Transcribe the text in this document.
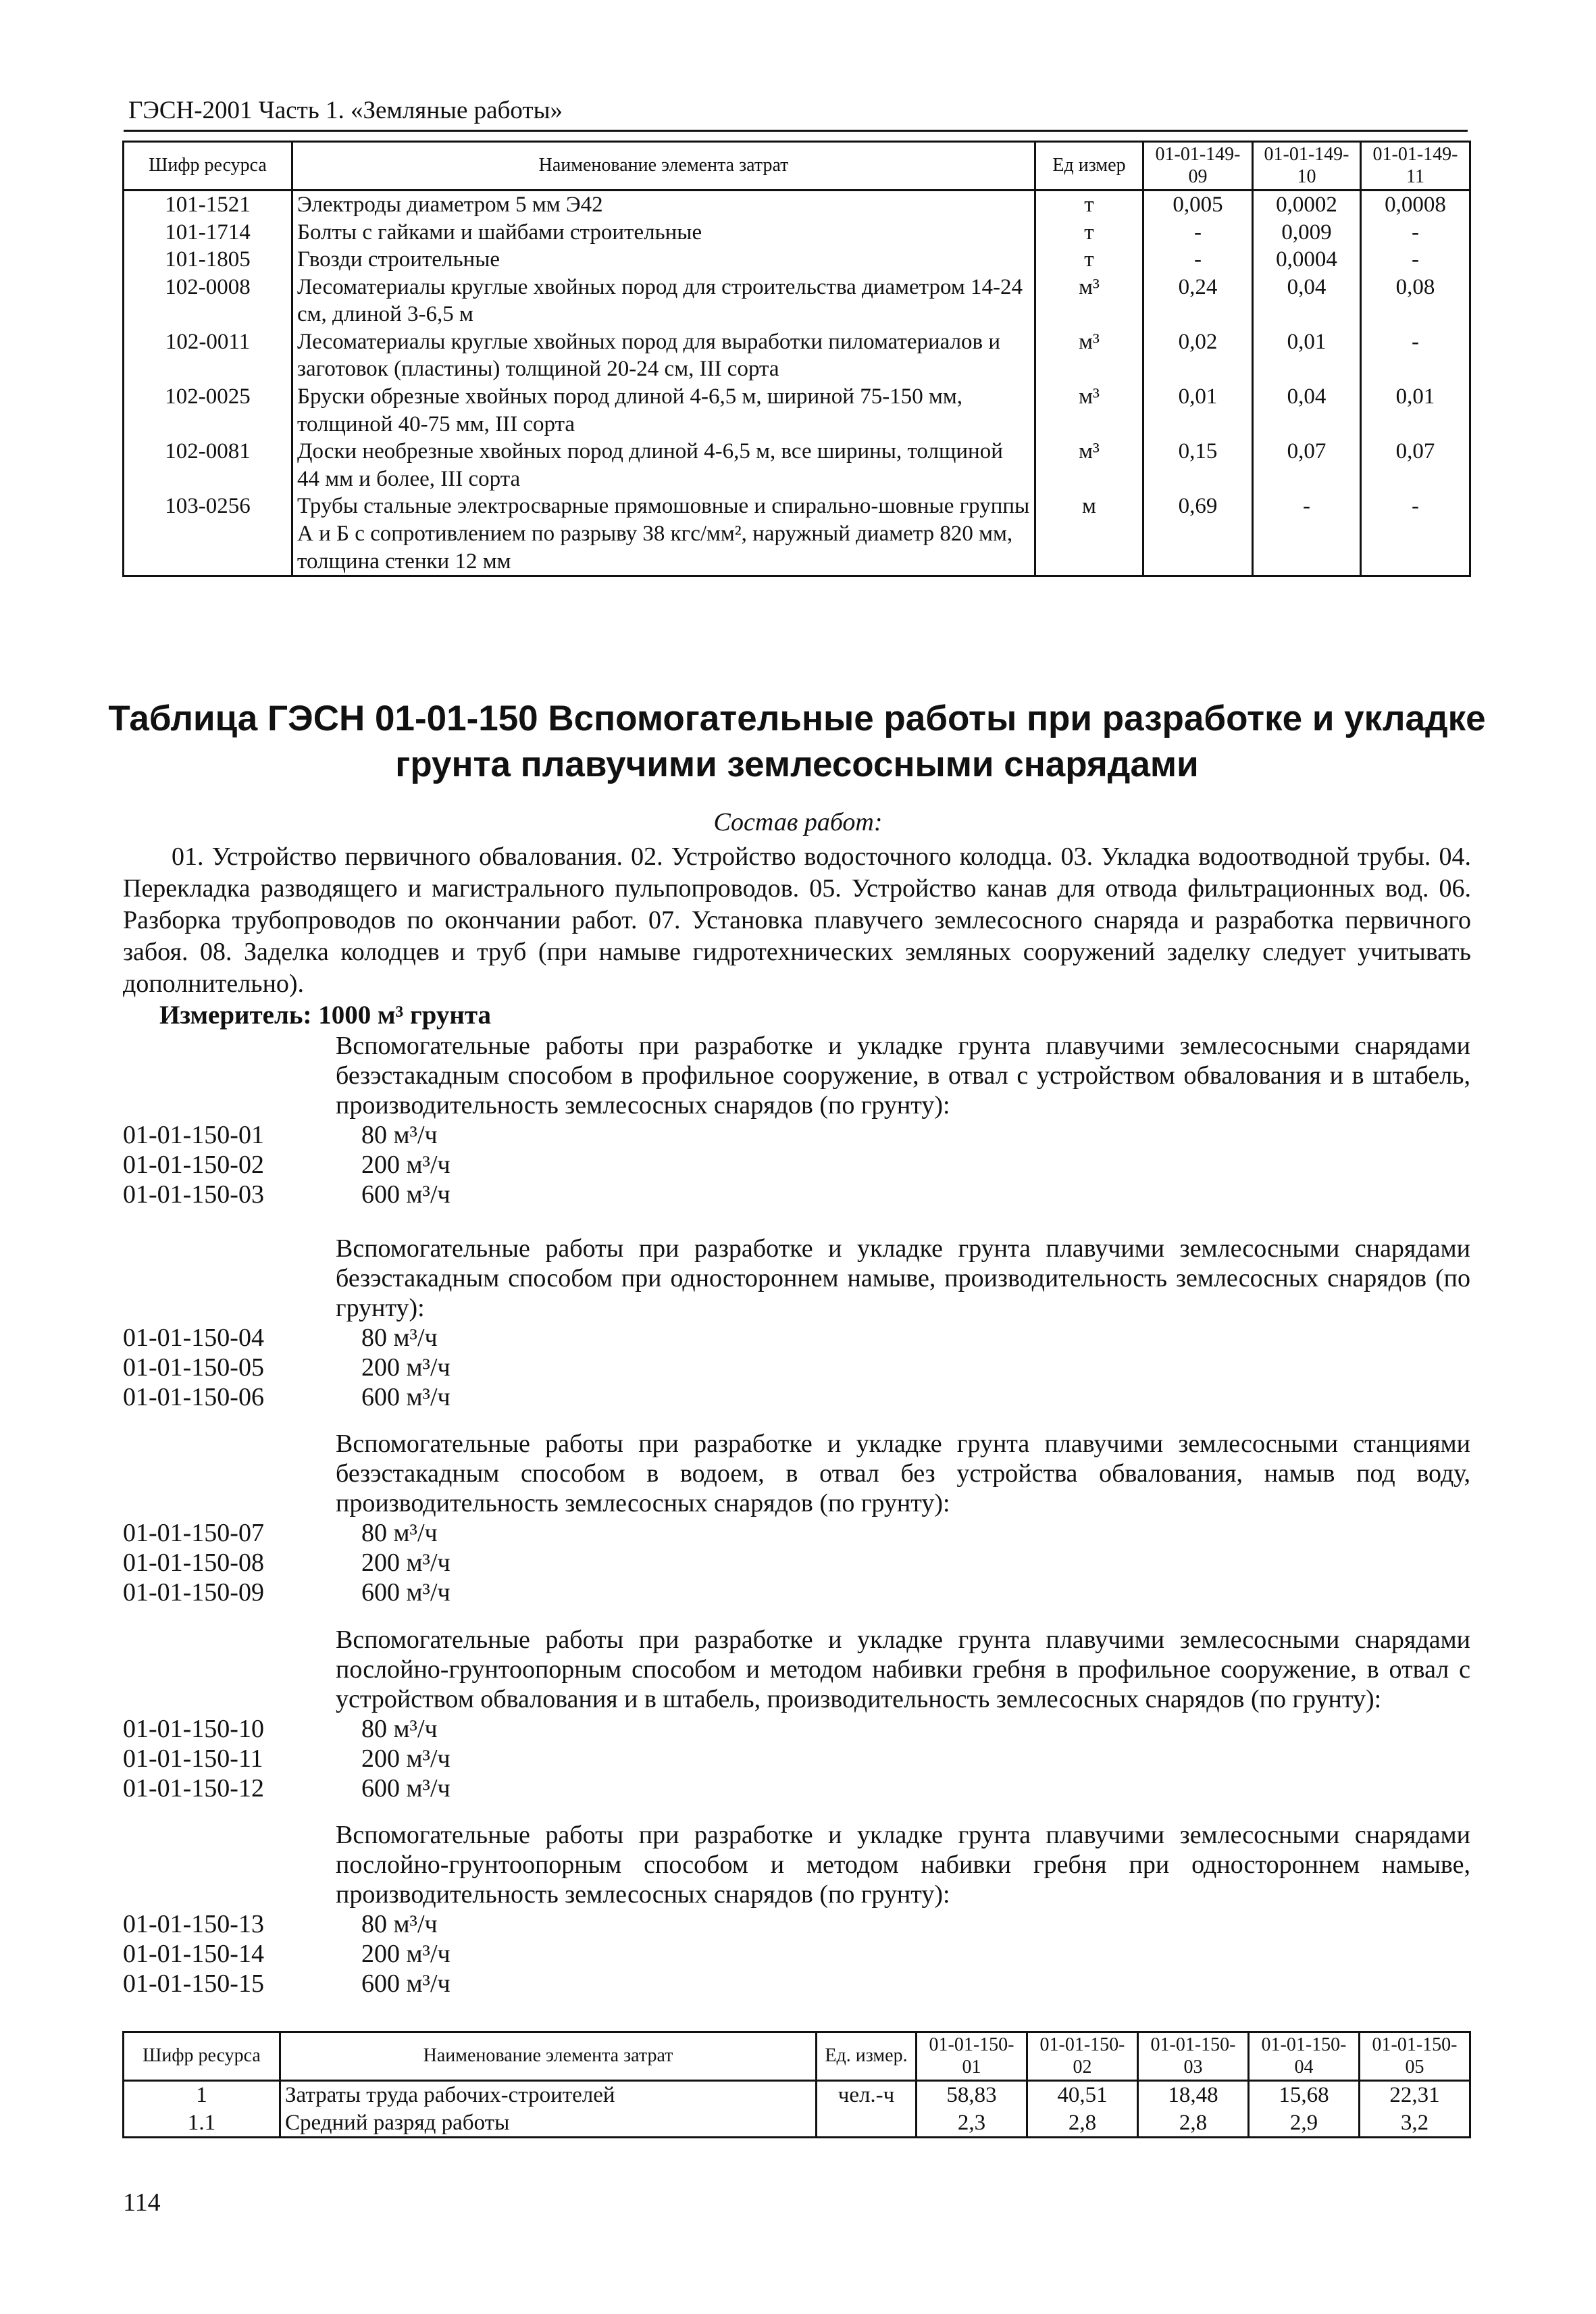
ГЭСН-2001 Часть 1. «Земляные работы»
Шифр ресурса	Наименование элемента затрат	Ед измер	01-01-149-09	01-01-149-10	01-01-149-11
101-1521	Электроды диаметром 5 мм Э42	т	0,005	0,0002	0,0008
101-1714	Болты с гайками и шайбами строительные	т	-	0,009	-
101-1805	Гвозди строительные	т	-	0,0004	-
102-0008	Лесоматериалы круглые хвойных пород для строительства диаметром 14-24 см, длиной 3-6,5 м	м³	0,24	0,04	0,08
102-0011	Лесоматериалы круглые хвойных пород для выработки пиломатериалов и заготовок (пластины) толщиной 20-24 см, III сорта	м³	0,02	0,01	-
102-0025	Бруски обрезные хвойных пород длиной 4-6,5 м, шириной 75-150 мм, толщиной 40-75 мм, III сорта	м³	0,01	0,04	0,01
102-0081	Доски необрезные хвойных пород длиной 4-6,5 м, все ширины, толщиной 44 мм и более, III сорта	м³	0,15	0,07	0,07
103-0256	Трубы стальные электросварные прямошовные и спирально-шовные группы А и Б с сопротивлением по разрыву 38 кгс/мм², наружный диаметр 820 мм, толщина стенки 12 мм	м	0,69	-	-
Таблица ГЭСН 01-01-150 Вспомогательные работы при разработке и укладке грунта плавучими землесосными снарядами
Состав работ:
01. Устройство первичного обвалования. 02. Устройство водосточного колодца. 03. Укладка водоотводной трубы. 04. Перекладка разводящего и магистрального пульпопроводов. 05. Устройство канав для отвода фильтрационных вод. 06. Разборка трубопроводов по окончании работ. 07. Установка плавучего землесосного снаряда и разработка первичного забоя. 08. Заделка колодцев и труб (при намыве гидротехнических земляных сооружений заделку следует учитывать дополнительно).
Измеритель: 1000 м³ грунта
Вспомогательные работы при разработке и укладке грунта плавучими землесосными снарядами безэстакадным способом в профильное сооружение, в отвал с устройством обвалования и в штабель, производительность землесосных снарядов (по грунту):
01-01-150-01	80 м³/ч
01-01-150-02	200 м³/ч
01-01-150-03	600 м³/ч
Вспомогательные работы при разработке и укладке грунта плавучими землесосными снарядами безэстакадным способом при одностороннем намыве, производительность землесосных снарядов (по грунту):
01-01-150-04	80 м³/ч
01-01-150-05	200 м³/ч
01-01-150-06	600 м³/ч
Вспомогательные работы при разработке и укладке грунта плавучими землесосными станциями безэстакадным способом в водоем, в отвал без устройства обвалования, намыв под воду, производительность землесосных снарядов (по грунту):
01-01-150-07	80 м³/ч
01-01-150-08	200 м³/ч
01-01-150-09	600 м³/ч
Вспомогательные работы при разработке и укладке грунта плавучими землесосными снарядами послойно-грунтоопорным способом и методом набивки гребня в профильное сооружение, в отвал с устройством обвалования и в штабель, производительность землесосных снарядов (по грунту):
01-01-150-10	80 м³/ч
01-01-150-11	200 м³/ч
01-01-150-12	600 м³/ч
Вспомогательные работы при разработке и укладке грунта плавучими землесосными снарядами послойно-грунтоопорным способом и методом набивки гребня при одностороннем намыве, производительность землесосных снарядов (по грунту):
01-01-150-13	80 м³/ч
01-01-150-14	200 м³/ч
01-01-150-15	600 м³/ч
Шифр ресурса	Наименование элемента затрат	Ед. измер.	01-01-150-01	01-01-150-02	01-01-150-03	01-01-150-04	01-01-150-05
1	Затраты труда рабочих-строителей	чел.-ч	58,83	40,51	18,48	15,68	22,31
1.1	Средний разряд работы		2,3	2,8	2,8	2,9	3,2
114
